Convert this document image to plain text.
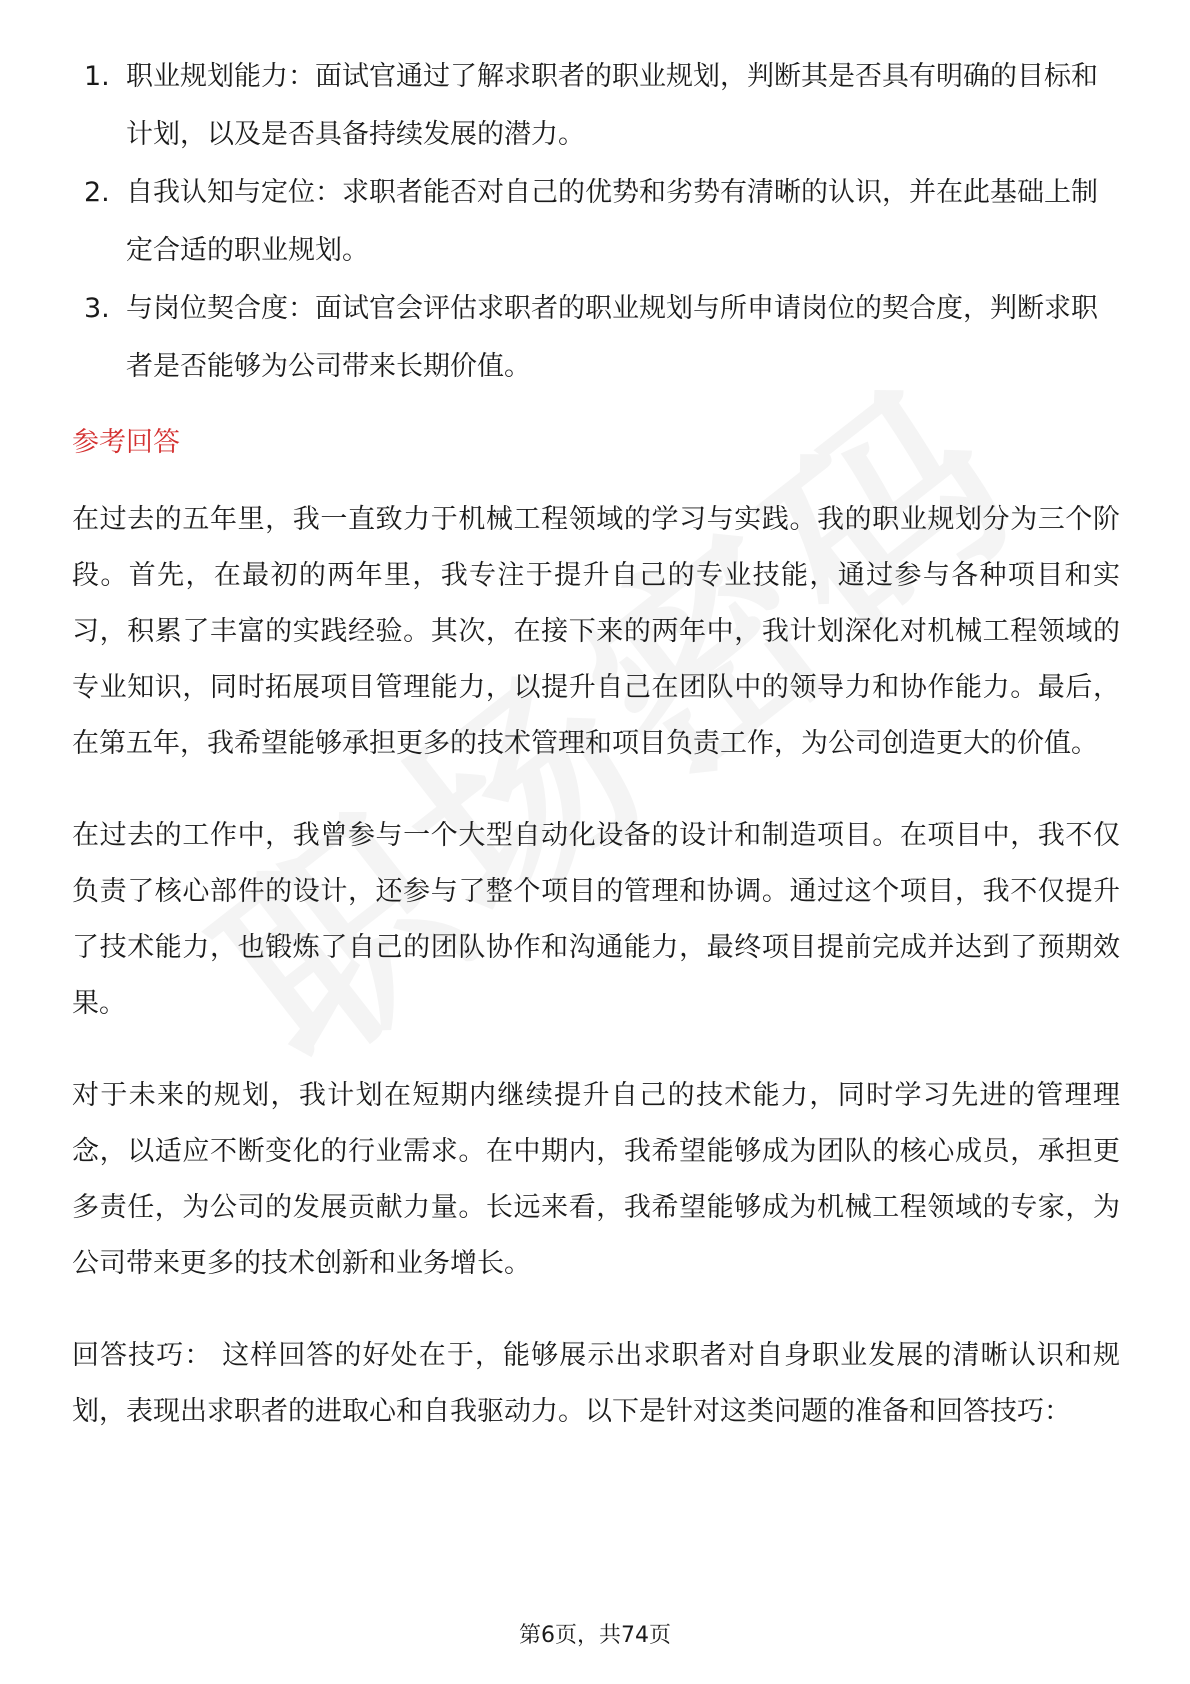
1. 职业规划能力：面试官通过了解求职者的职业规划，判断其是否具有明确的目标和计划，以及是否具备持续发展的潜力。
2. 自我认知与定位：求职者能否对自己的优势和劣势有清晰的认识，并在此基础上制定合适的职业规划。
3. 与岗位契合度：面试官会评估求职者的职业规划与所申请岗位的契合度，判断求职者是否能够为公司带来长期价值。
参考回答

在过去的五年里，我一直致力于机械工程领域的学习与实践。我的职业规划分为三个阶段。首先，在最初的两年里，我专注于提升自己的专业技能，通过参与各种项目和实习，积累了丰富的实践经验。其次，在接下来的两年中，我计划深化对机械工程领域的专业知识，同时拓展项目管理能力，以提升自己在团队中的领导力和协作能力。最后，在第五年，我希望能够承担更多的技术管理和项目负责工作，为公司创造更大的价值。

在过去的工作中，我曾参与一个大型自动化设备的设计和制造项目。在项目中，我不仅负责了核心部件的设计，还参与了整个项目的管理和协调。通过这个项目，我不仅提升了技术能力，也锻炼了自己的团队协作和沟通能力，最终项目提前完成并达到了预期效果。

对于未来的规划，我计划在短期内继续提升自己的技术能力，同时学习先进的管理理念，以适应不断变化的行业需求。在中期内，我希望能够成为团队的核心成员，承担更多责任，为公司的发展贡献力量。长远来看，我希望能够成为机械工程领域的专家，为公司带来更多的技术创新和业务增长。

回答技巧： 这样回答的好处在于，能够展示出求职者对自身职业发展的清晰认识和规划，表现出求职者的进取心和自我驱动力。以下是针对这类问题的准备和回答技巧：

第6页，共74页
